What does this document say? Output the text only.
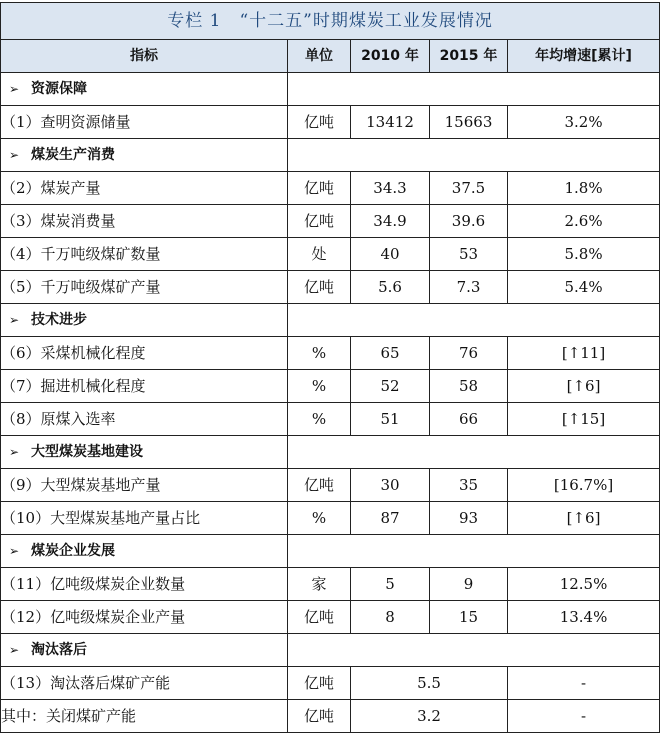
专栏 1　“十二五”时期煤炭工业发展情况				
指标	单位	2010 年	2015 年	年均增速[累计]
➢ 资源保障				
（1）查明资源储量	亿吨	13412	15663	3.2%
➢ 煤炭生产消费				
（2）煤炭产量	亿吨	34.3	37.5	1.8%
（3）煤炭消费量	亿吨	34.9	39.6	2.6%
（4）千万吨级煤矿数量	处	40	53	5.8%
（5）千万吨级煤矿产量	亿吨	5.6	7.3	5.4%
➢ 技术进步				
（6）采煤机械化程度	%	65	76	[↑11]
（7）掘进机械化程度	%	52	58	[↑6]
（8）原煤入选率	%	51	66	[↑15]
➢ 大型煤炭基地建设				
（9）大型煤炭基地产量	亿吨	30	35	[16.7%]
（10）大型煤炭基地产量占比	%	87	93	[↑6]
➢ 煤炭企业发展				
（11）亿吨级煤炭企业数量	家	5	9	12.5%
（12）亿吨级煤炭企业产量	亿吨	8	15	13.4%
➢ 淘汰落后				
（13）淘汰落后煤矿产能	亿吨	5.5		-
其中：关闭煤矿产能	亿吨	3.2		-
